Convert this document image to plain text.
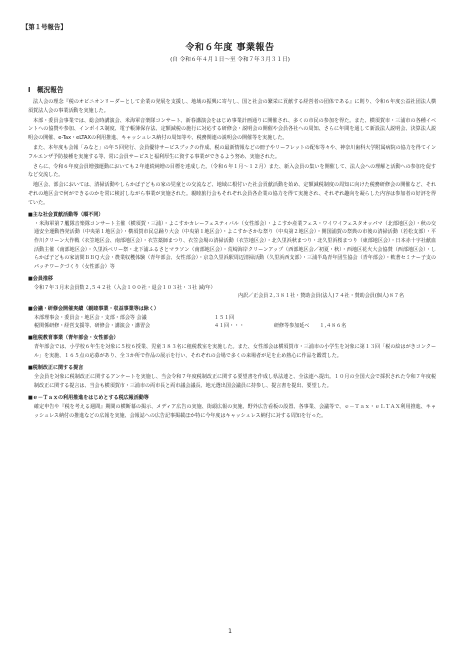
【第１号報告】
令和６年度 事業報告
(自 令和６年４月１日～至 令和７年３月３１日)
Ⅰ　概況報告

法人会の理念『税のオピニオンリーダーとして企業の発展を支援し、地域の振興に寄与し、国と社会の繁栄に貢献する経営者の団体である』に則り、令和６年度公益社団法人横須賀法人会の事業活動を実施した。

本部・委員会事業では、総会時講演会、米海軍音楽隊コンサート、新春講演会をはじめ事業計画通りに開催され、多くの市民の参加を得た。また、横須賀市・三浦市の各種イベントへの協賛や参加、インボイス制度、電子帳簿保存法、定額減税の施行に対応する研修会・説明会の開催や会員各社への周知、さらに年間を通して新設法人説明会、決算法人説明会の開催、e-Tax・eLTAXの利用推進、キャッシュレス納付の周知等や、税務関連の説明会の開催等を実施した。

また、本年度も会報「みなと」の年５回発行、会員優待サービスブックの作成、税の最新情報などの冊子やリーフレットの配布等々や、神奈川歯科大学附属病院の協力を得てインフルエンザ予防接種を実施する等、常に会員サービスと福利厚生に資する事業ができるよう努め、実施された。

さらに、令和６年度会員増強運動においても２年連続純増の目標を達成した。（令和６年１月～１２月）また、新入会員の集いを開催して、法人会への理解と活動への参加を促すなど交流した。

地区会、部会においては、清掃活動やしらかば子どもの家の児童との交流など、地域に根付いた社会貢献活動を始め、定額減税制度の周知に向けた税務研修会の開催など、それぞれの地区会で何ができるのかを常に検討しながら事業が実施された。親睦旅行会もそれぞれ会員各企業の協力を得て実施され、それぞれ趣向を凝らした内容は参加者の好評を得ていた。

■主な社会貢献活動等（順不同）

・米海軍第７艦隊音楽隊コンサート主催（横須賀・三浦）・よこすかカレーフェスティバル（女性部会）・よこすか産業フェス・ワイワイフェスタオッパマ（北部地区会）・秋の交通安全運動啓発活動（中央第１地区会）・横須賀市民总踊り大会（中央第１地区会）・よこすかさかな祭り（中央第２地区会）・開国浦賀の祭典の市後の清掃活動（若松支部）・平作川クリーン大作戦（衣笠地区会、南部地区会）・衣笠薬師まつり、衣笠会場の清掃活動（衣笠地区会）・北久里浜秋まつり・北久里浜桜まつり（東部地区会）・日本赤十字社献血活動主催（南部地区会）・久里浜ペリー祭・北下浦ふるさとマラソン（南部地区会）・荒崎海岸クリーンアップ（西部地区会／初夏・秋）・西地区花火大会協賛（西部地区会）・しらかば子どもの家訪問ＢＢＱ大会・農業収穫体験（青年部会、女性部会）・京急久里浜駅周辺清掃活動（久里浜西支部）・三浦半島青年団生協会（青年部会）・軟著セミナー子支のパッチワークづくり（女性部会）等

■会員推移

令和７年３月末会員数２,５４２社（入会１００社・退会１０３社・３社 減/年）

内訳／正会員２,３８１社・賛助会員(法人)７４社・賛助会員(個人)８７名

■会議・研修会開催実績（親睦事業・収益事業等は除く）
本部理事会・委員会・地区会・支部・部会等 会議	１５１回
税関係研修・経営支援等、研修会・講演会・講習会	４１回・・・	研修等参加延べ　　１,４８６名
■租税教育事業（青年部会・女性部会）

青年部会では、小学校６年生を対象に５校６授業、児童３８３名に租税教室を実施した。また、女性部会は横須賀市・三浦市の小学生を対象に第１３回「税の絵はがきコンクール」を実施、１６５点の応募があり、全３か所で作品の展示を行い、それぞれの会場で多くの来場者が足を止め熱心に作品を鑑賞した。

■税制改正に関する提言

全会員を対象に税制改正に関するアンケートを実施し、当会令和７年度税制改正に関する要望書を作成し県法連と、全法連へ提出。１０月の全国大会で採択された令和７年度税制改正に関する提言は、当会も横須賀市・三浦市の両市長と両市議会議長、地元選出国会議員に持参し、提言書を提出、要望した。

■ｅ－Ｔａｘの利用推進をはじめとする税広報活動等

確定申告や『税を考える週間』期間の横断幕の掲示、メディア広告の実施、街頭広報の実施、野外広告看板の設置、各事業、会議等で、ｅ－Ｔａｘ・ｅＬＴＡＸ利用推進、キャッシュレス納付の推進などの広報を実施、会報誌への広告記事掲載ほか特に今年度はキャッシュレス納付に対する周知を行った。

1
